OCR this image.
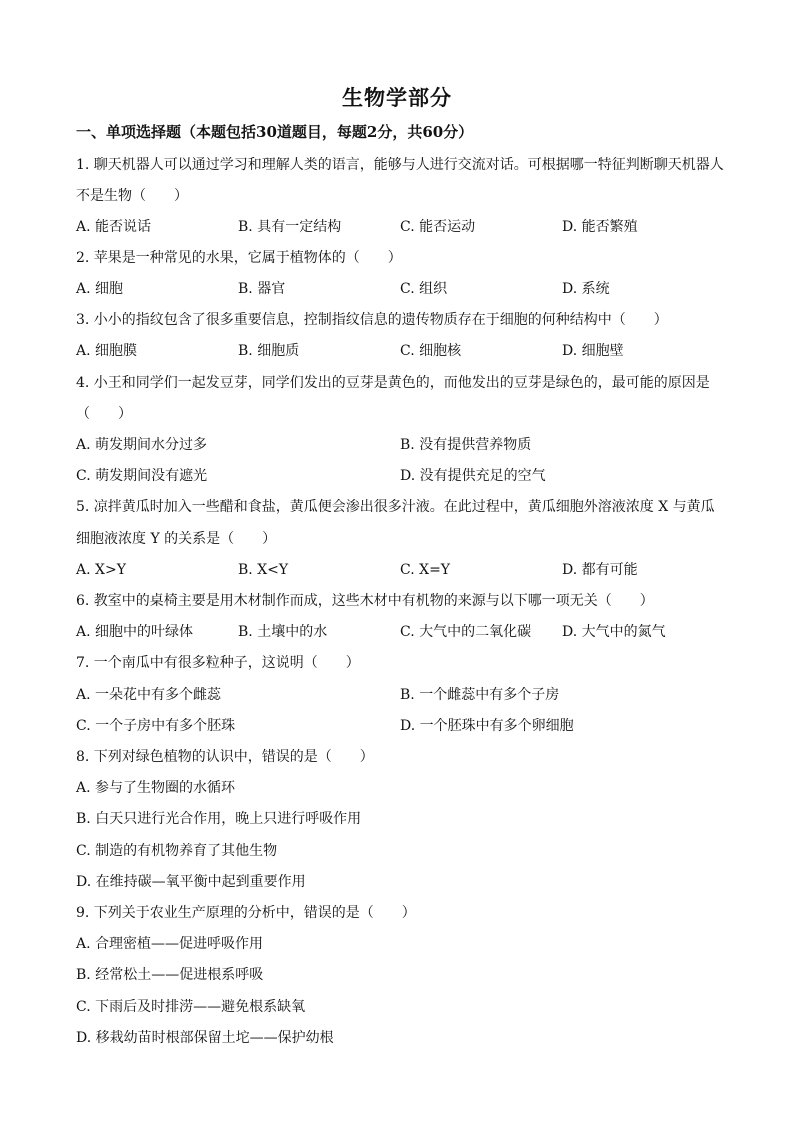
生物学部分
一、单项选择题（本题包括30道题目，每题2分，共60分）
1. 聊天机器人可以通过学习和理解人类的语言，能够与人进行交流对话。可根据哪一特征判断聊天机器人
不是生物（　　）
A. 能否说话	B. 具有一定结构	C. 能否运动	D. 能否繁殖
2. 苹果是一种常见的水果，它属于植物体的（　　）
A. 细胞	B. 器官	C. 组织	D. 系统
3. 小小的指纹包含了很多重要信息，控制指纹信息的遗传物质存在于细胞的何种结构中（　　）
A. 细胞膜	B. 细胞质	C. 细胞核	D. 细胞壁
4. 小王和同学们一起发豆芽，同学们发出的豆芽是黄色的，而他发出的豆芽是绿色的，最可能的原因是
（　　）
A. 萌发期间水分过多	B. 没有提供营养物质
C. 萌发期间没有遮光	D. 没有提供充足的空气
5. 凉拌黄瓜时加入一些醋和食盐，黄瓜便会渗出很多汁液。在此过程中，黄瓜细胞外溶液浓度 X 与黄瓜
细胞液浓度 Y 的关系是（　　）
A. X>Y	B. X<Y	C. X=Y	D. 都有可能
6. 教室中的桌椅主要是用木材制作而成，这些木材中有机物的来源与以下哪一项无关（　　）
A. 细胞中的叶绿体	B. 土壤中的水	C. 大气中的二氧化碳 D. 大气中的氮气
7. 一个南瓜中有很多粒种子，这说明（　　）
A. 一朵花中有多个雌蕊	B. 一个雌蕊中有多个子房
C. 一个子房中有多个胚珠	D. 一个胚珠中有多个卵细胞
8. 下列对绿色植物的认识中，错误的是（　　）
A. 参与了生物圈的水循环
B. 白天只进行光合作用，晚上只进行呼吸作用
C. 制造的有机物养育了其他生物
D. 在维持碳—氧平衡中起到重要作用
9. 下列关于农业生产原理的分析中，错误的是（　　）
A. 合理密植——促进呼吸作用
B. 经常松土——促进根系呼吸
C. 下雨后及时排涝——避免根系缺氧
D. 移栽幼苗时根部保留土坨——保护幼根
